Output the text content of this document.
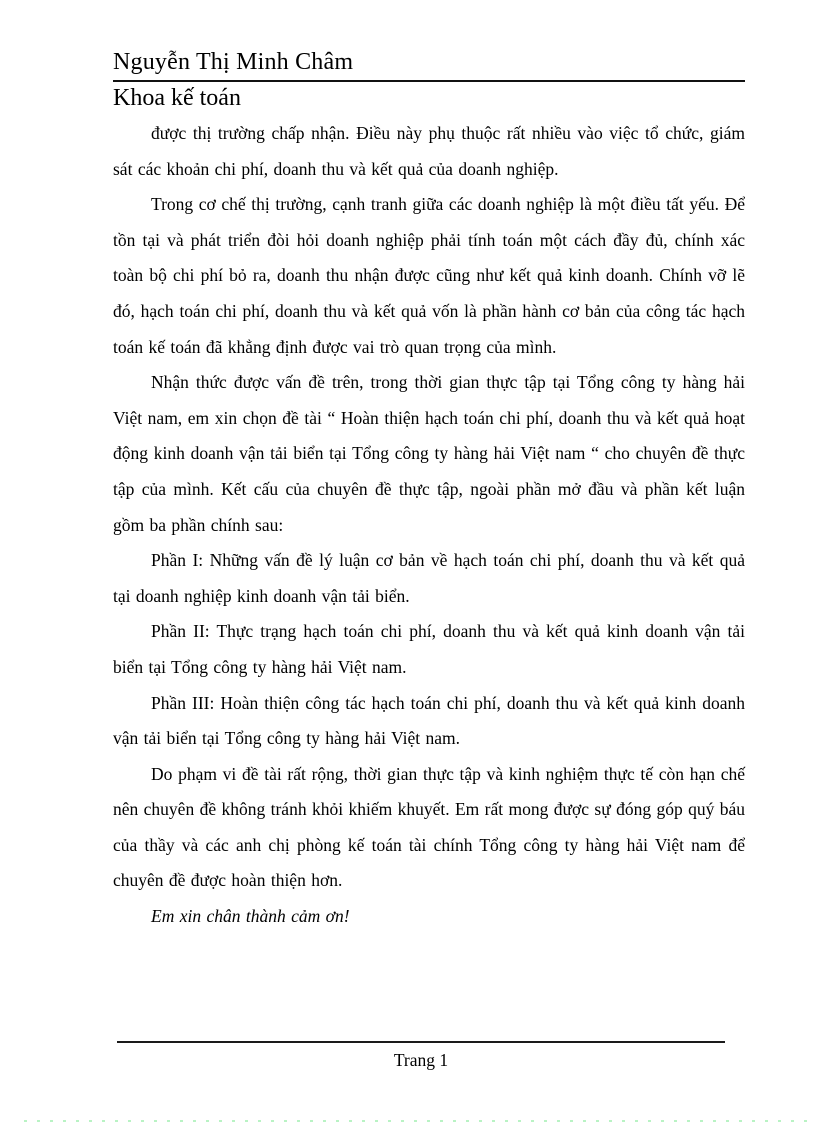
Nguyễn Thị Minh Châm
Khoa kế toán

được thị trường chấp nhận. Điều này phụ thuộc rất nhiều vào việc tổ chức, giám sát các khoản chi phí, doanh thu và kết quả của doanh nghiệp.

Trong cơ chế thị trường, cạnh tranh giữa các doanh nghiệp là một điều tất yếu. Để tồn tại và phát triển đòi hỏi doanh nghiệp phải tính toán một cách đầy đủ, chính xác toàn bộ chi phí bỏ ra, doanh thu nhận được cũng như kết quả kinh doanh. Chính vỡ lẽ đó, hạch toán chi phí, doanh thu và kết quả vốn là phần hành cơ bản của công tác hạch toán kế toán đã khẳng định được vai trò quan trọng của mình.

Nhận thức được vấn đề trên, trong thời gian thực tập tại Tổng công ty hàng hải Việt nam, em xin chọn đề tài “ Hoàn thiện hạch toán chi phí, doanh thu và kết quả hoạt động kinh doanh vận tải biển tại Tổng công ty hàng hải Việt nam “ cho chuyên đề thực tập của mình. Kết cấu của chuyên đề thực tập, ngoài phần mở đầu và phần kết luận gồm ba phần chính sau:

Phần I: Những vấn đề lý luận cơ bản về hạch toán chi phí, doanh thu và kết quả tại doanh nghiệp kinh doanh vận tải biển.

Phần II: Thực trạng hạch toán chi phí, doanh thu và kết quả kinh doanh vận tải biển tại Tổng công ty hàng hải Việt nam.

Phần III: Hoàn thiện công tác hạch toán chi phí, doanh thu và kết quả kinh doanh vận tải biển tại Tổng công ty hàng hải Việt nam.

Do phạm vi đề tài rất rộng, thời gian thực tập và kinh nghiệm thực tế còn hạn chế nên chuyên đề không tránh khỏi khiếm khuyết. Em rất mong được sự đóng góp quý báu của thầy và các anh chị phòng kế toán tài chính Tổng công ty hàng hải Việt nam để chuyên đề được hoàn thiện hơn.

Em xin chân thành cảm ơn!

Trang 1
